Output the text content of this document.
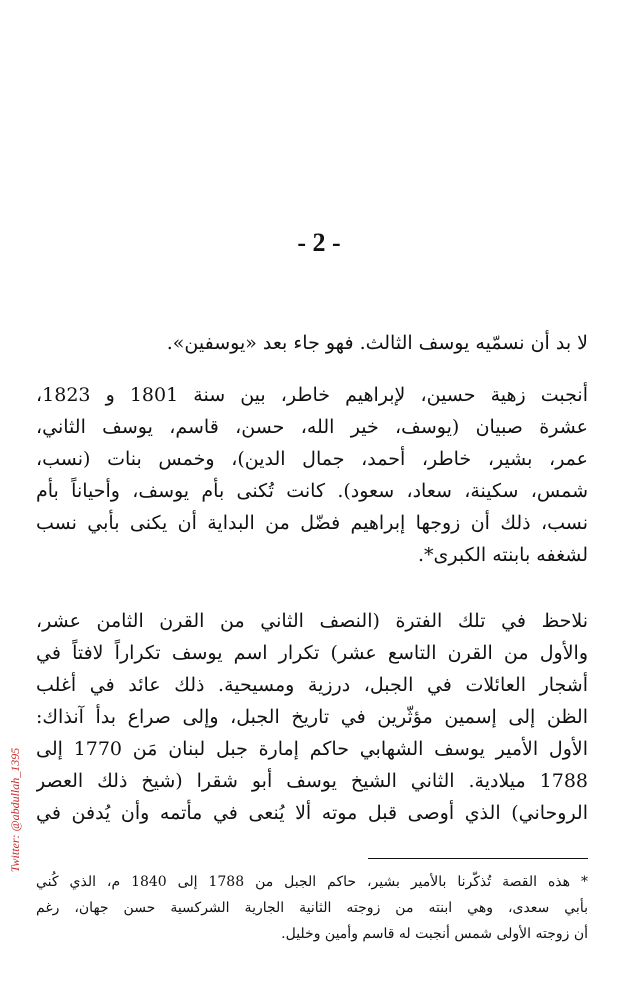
- 2 -
لا بد أن نسمّيه يوسف الثالث. فهو جاء بعد «يوسفين».
أنجبت زهية حسين، لإبراهيم خاطر، بين سنة 1801 و 1823،
عشرة صبيان (يوسف، خير الله، حسن، قاسم، يوسف الثاني،
عمر، بشير، خاطر، أحمد، جمال الدين)، وخمس بنات (نسب،
شمس، سكينة، سعاد، سعود). كانت تُكنى بأم يوسف، وأحياناً بأم
نسب، ذلك أن زوجها إبراهيم فضّل من البداية أن يكنى بأبي نسب
لشغفه بابنته الكبرى*.
نلاحظ في تلك الفترة (النصف الثاني من القرن الثامن عشر،
والأول من القرن التاسع عشر) تكرار اسم يوسف تكراراً لافتاً في
أشجار العائلات في الجبل، درزية ومسيحية. ذلك عائد في أغلب
الظن إلى إسمين مؤثّرين في تاريخ الجبل، وإلى صراع بدأ آنذاك:
الأول الأمير يوسف الشهابي حاكم إمارة جبل لبنان مَن 1770 إلى
1788 ميلادية. الثاني الشيخ يوسف أبو شقرا (شيخ ذلك العصر
الروحاني) الذي أوصى قبل موته ألا يُنعى في مأتمه وأن يُدفن في
* هذه القصة تُذكّرنا بالأمير بشير، حاكم الجبل من 1788 إلى 1840 م، الذي كُني
بأبي سعدى، وهي ابنته من زوجته الثانية الجارية الشركسية حسن جهان، رغم
أن زوجته الأولى شمس أنجبت له قاسم وأمين وخليل.
Twitter: @abdullah_1395
